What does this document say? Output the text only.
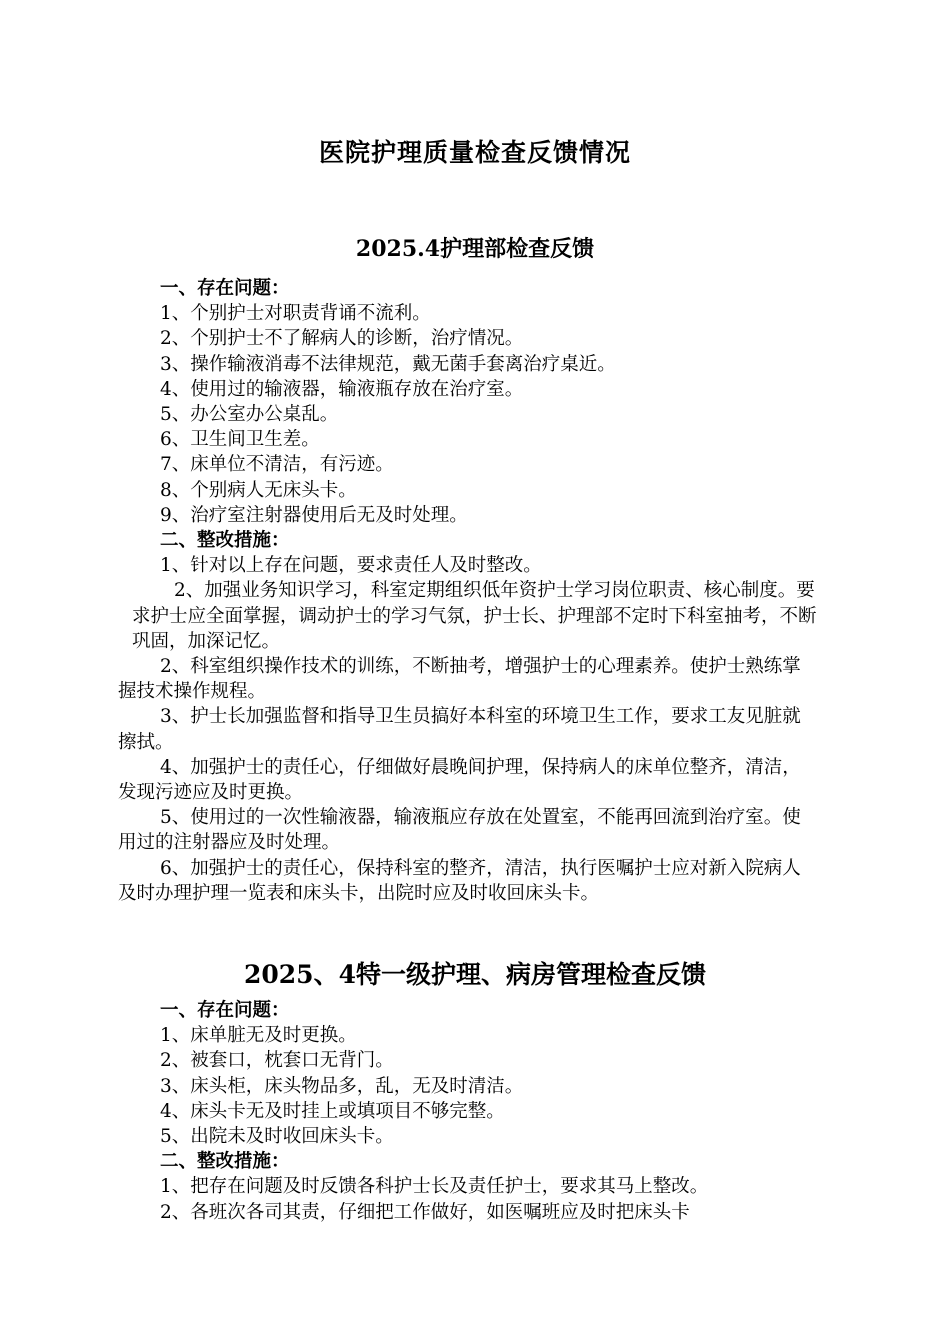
医院护理质量检查反馈情况
2025.4护理部检查反馈

一、存在问题：

1、个别护士对职责背诵不流利。

2、个别护士不了解病人的诊断，治疗情况。

3、操作输液消毒不法律规范，戴无菌手套离治疗桌近。

4、使用过的输液器，输液瓶存放在治疗室。

5、办公室办公桌乱。

6、卫生间卫生差。

7、床单位不清洁，有污迹。

8、个别病人无床头卡。

9、治疗室注射器使用后无及时处理。

二、整改措施：

1、针对以上存在问题，要求责任人及时整改。

2、加强业务知识学习，科室定期组织低年资护士学习岗位职责、核心制度。要求护士应全面掌握，调动护士的学习气氛，护士长、护理部不定时下科室抽考，不断巩固，加深记忆。

2、科室组织操作技术的训练，不断抽考，增强护士的心理素养。使护士熟练掌握技术操作规程。

3、护士长加强监督和指导卫生员搞好本科室的环境卫生工作，要求工友见脏就擦拭。

4、加强护士的责任心，仔细做好晨晚间护理，保持病人的床单位整齐，清洁，发现污迹应及时更换。

5、使用过的一次性输液器，输液瓶应存放在处置室，不能再回流到治疗室。使用过的注射器应及时处理。

6、加强护士的责任心，保持科室的整齐，清洁，执行医嘱护士应对新入院病人及时办理护理一览表和床头卡，出院时应及时收回床头卡。

2025、4特一级护理、病房管理检查反馈

一、存在问题：

1、床单脏无及时更换。

2、被套口，枕套口无背门。

3、床头柜，床头物品多，乱，无及时清洁。

4、床头卡无及时挂上或填项目不够完整。

5、出院未及时收回床头卡。

二、整改措施：

1、把存在问题及时反馈各科护士长及责任护士，要求其马上整改。

2、各班次各司其责，仔细把工作做好，如医嘱班应及时把床头卡
